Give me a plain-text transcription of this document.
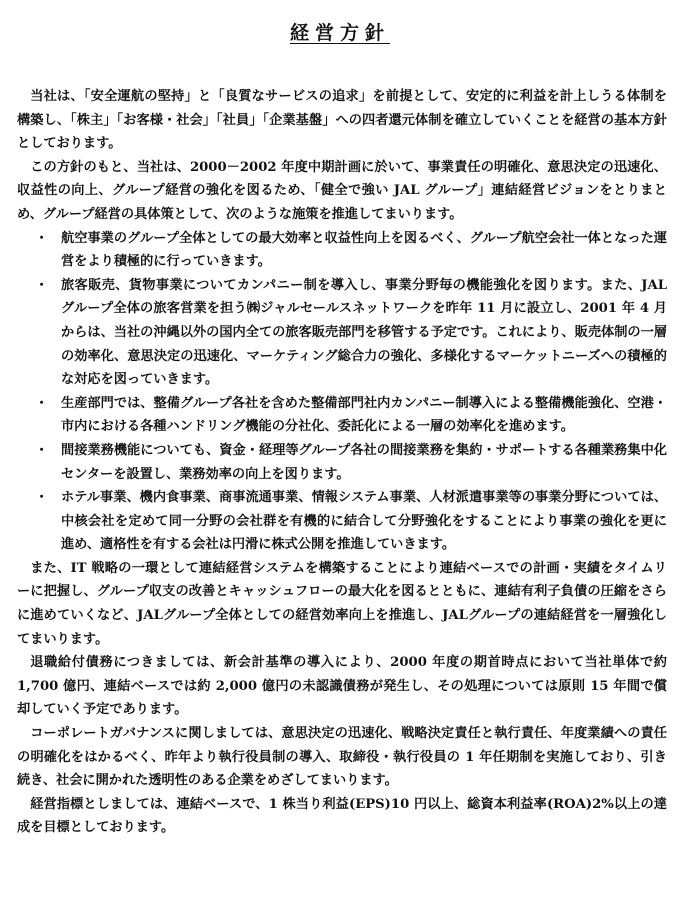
経営方針

当社は、「安全運航の堅持」と「良質なサービスの追求」を前提として、安定的に利益を計上しうる体制を構築し、「株主」「お客様・社会」「社員」「企業基盤」への四者還元体制を確立していくことを経営の基本方針としております。

この方針のもと、当社は、2000－2002 年度中期計画に於いて、事業責任の明確化、意思決定の迅速化、収益性の向上、グループ経営の強化を図るため、「健全で強い JAL グループ」連結経営ビジョンをとりまとめ、グループ経営の具体策として、次のような施策を推進してまいります。

・ 航空事業のグループ全体としての最大効率と収益性向上を図るべく、グループ航空会社一体となった運営をより積極的に行っていきます。
・ 旅客販売、貨物事業についてカンパニー制を導入し、事業分野毎の機能強化を図ります。また、JAL グループ全体の旅客営業を担う㈱ジャルセールスネットワークを昨年 11 月に設立し、2001 年 4 月からは、当社の沖縄以外の国内全ての旅客販売部門を移管する予定です。これにより、販売体制の一層の効率化、意思決定の迅速化、マーケティング総合力の強化、多様化するマーケットニーズへの積極的な対応を図っていきます。
・ 生産部門では、整備グループ各社を含めた整備部門社内カンパニー制導入による整備機能強化、空港・市内における各種ハンドリング機能の分社化、委託化による一層の効率化を進めます。
・ 間接業務機能についても、資金・経理等グループ各社の間接業務を集約・サポートする各種業務集中化センターを設置し、業務効率の向上を図ります。
・ ホテル事業、機内食事業、商事流通事業、情報システム事業、人材派遣事業等の事業分野については、中核会社を定めて同一分野の会社群を有機的に結合して分野強化をすることにより事業の強化を更に進め、適格性を有する会社は円滑に株式公開を推進していきます。

また、IT 戦略の一環として連結経営システムを構築することにより連結ベースでの計画・実績をタイムリーに把握し、グループ収支の改善とキャッシュフローの最大化を図るとともに、連結有利子負債の圧縮をさらに進めていくなど、JALグループ全体としての経営効率向上を推進し、JALグループの連結経営を一層強化してまいります。

退職給付債務につきましては、新会計基準の導入により、2000 年度の期首時点において当社単体で約 1,700 億円、連結ベースでは約 2,000 億円の未認識債務が発生し、その処理については原則 15 年間で償却していく予定であります。

コーポレートガバナンスに関しましては、意思決定の迅速化、戦略決定責任と執行責任、年度業績への責任の明確化をはかるべく、昨年より執行役員制の導入、取締役・執行役員の 1 年任期制を実施しており、引き続き、社会に開かれた透明性のある企業をめざしてまいります。

経営指標としましては、連結ベースで、1 株当り利益(EPS)10 円以上、総資本利益率(ROA)2%以上の達成を目標としております。
